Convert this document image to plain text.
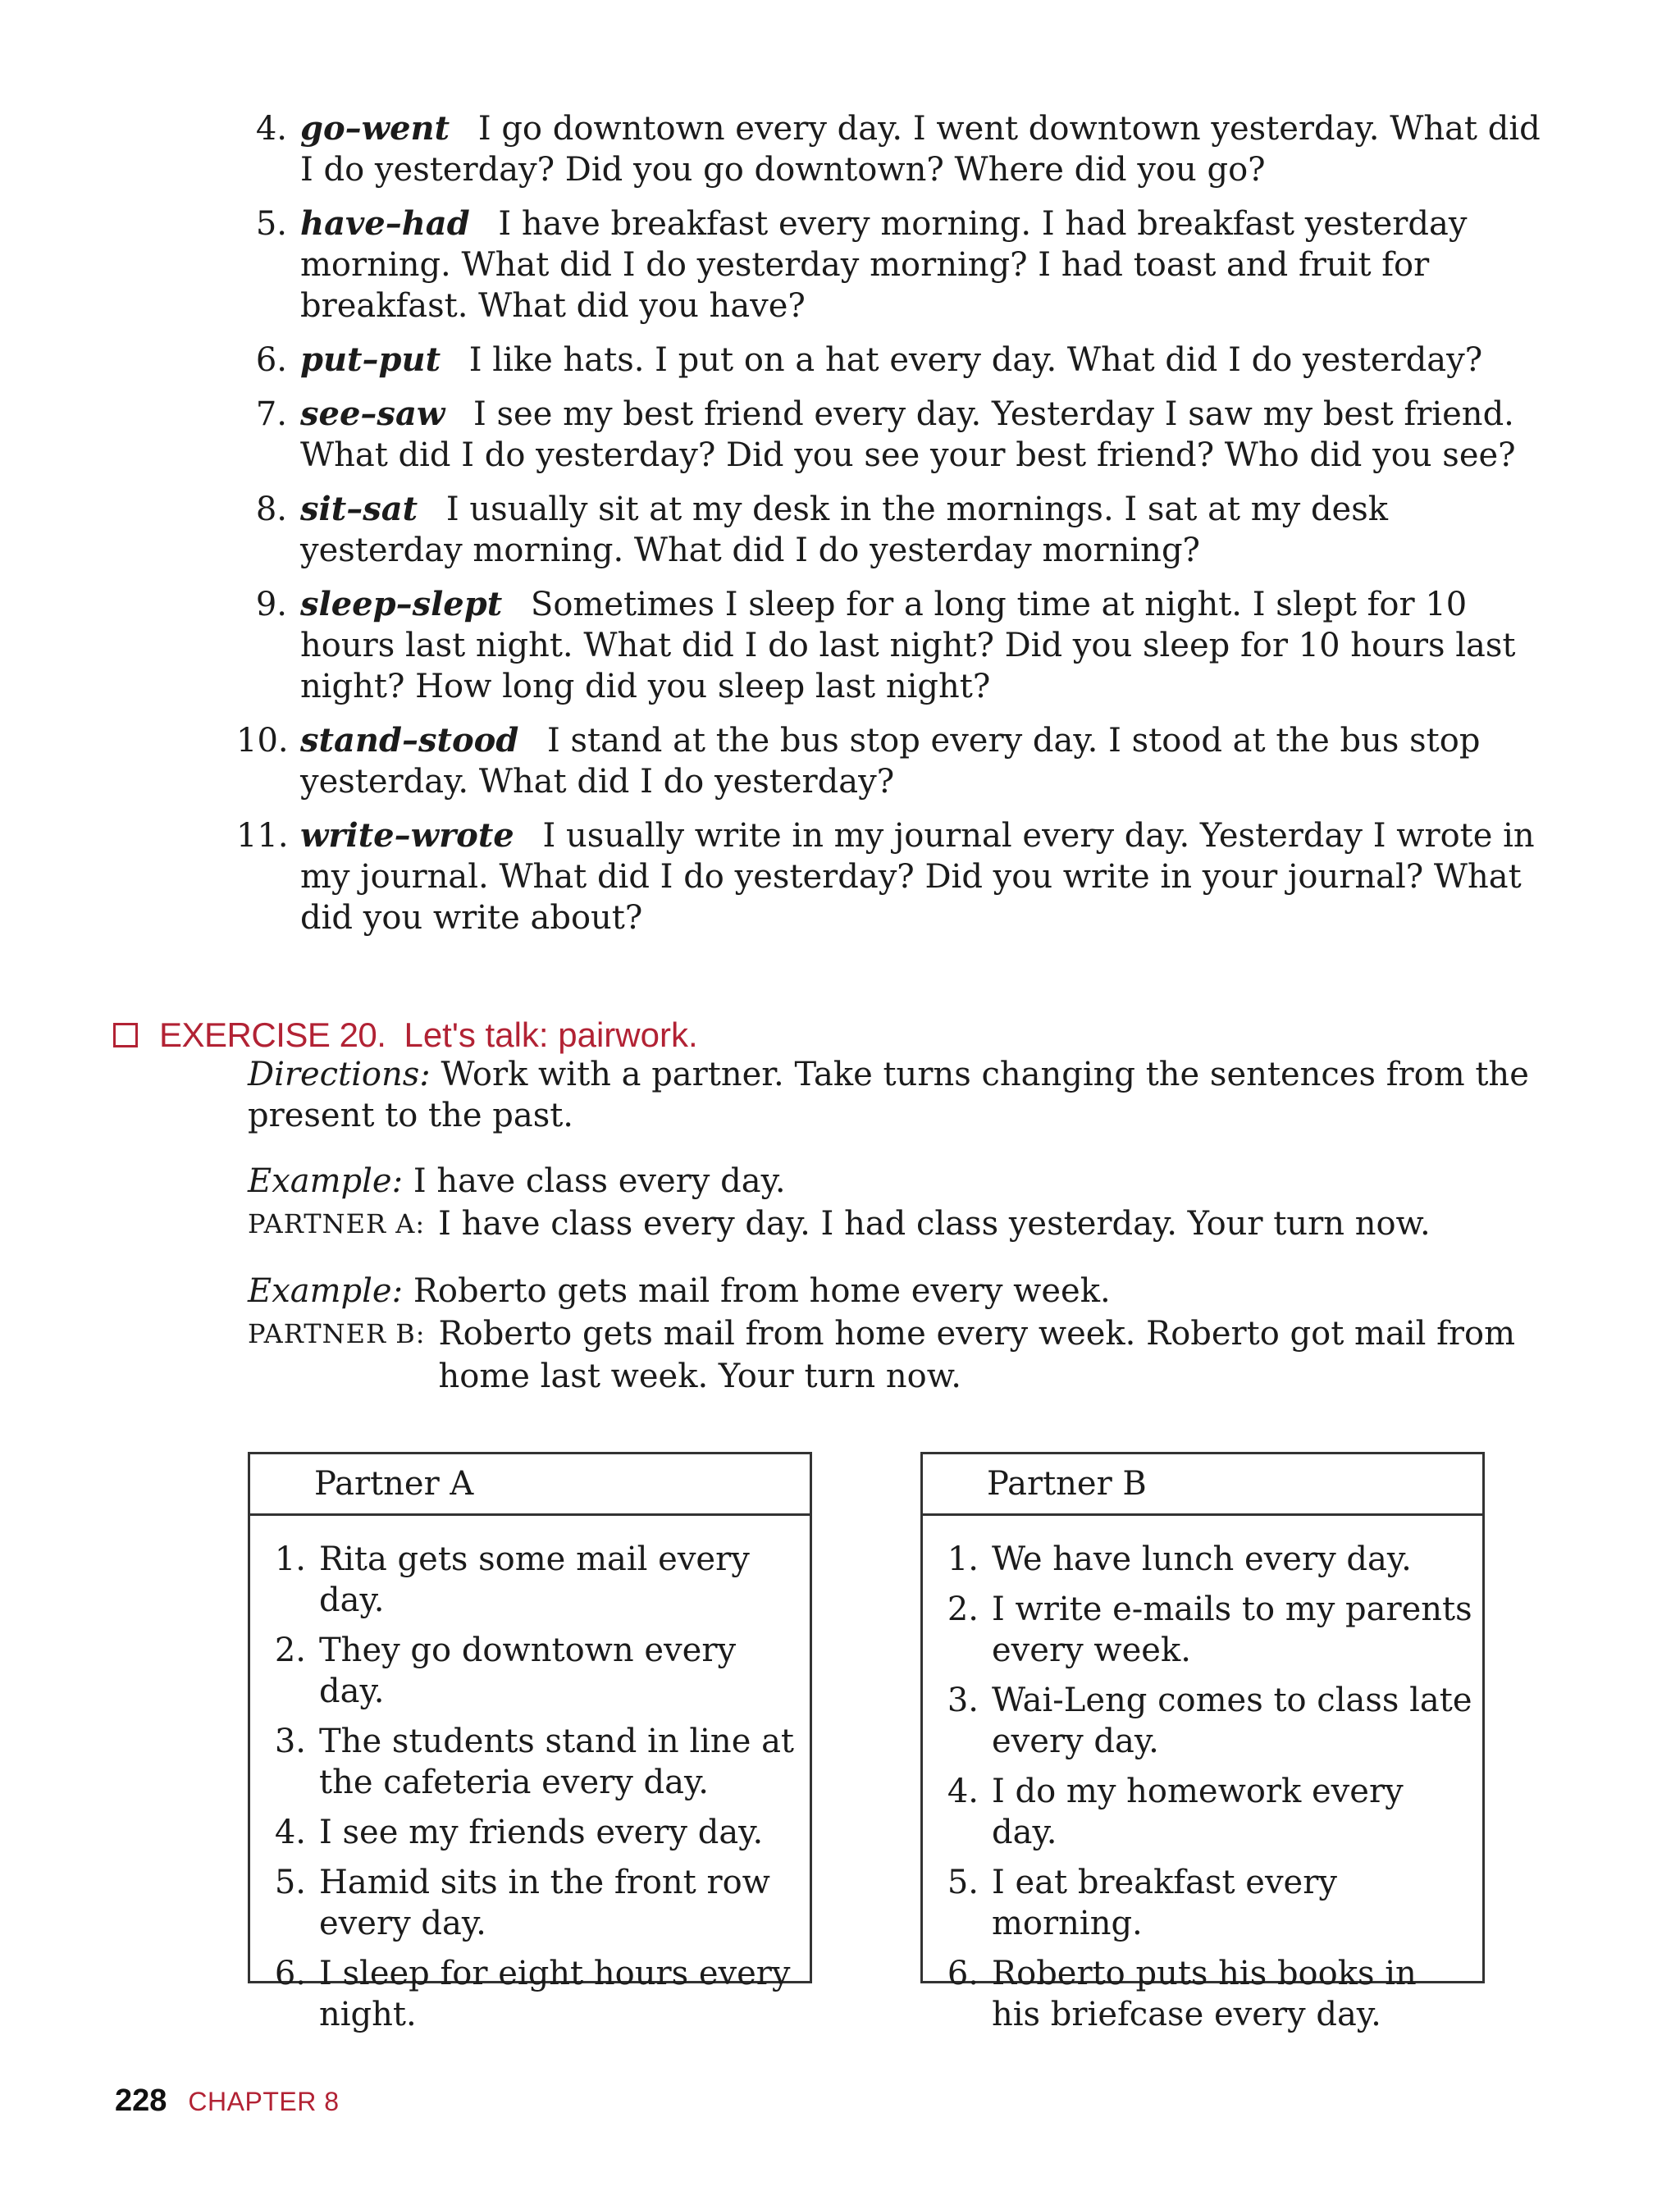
4. go–went I go downtown every day. I went downtown yesterday. What did I do yesterday? Did you go downtown? Where did you go?
5. have–had I have breakfast every morning. I had breakfast yesterday morning. What did I do yesterday morning? I had toast and fruit for breakfast. What did you have?
6. put–put I like hats. I put on a hat every day. What did I do yesterday?
7. see–saw I see my best friend every day. Yesterday I saw my best friend. What did I do yesterday? Did you see your best friend? Who did you see?
8. sit–sat I usually sit at my desk in the mornings. I sat at my desk yesterday morning. What did I do yesterday morning?
9. sleep–slept Sometimes I sleep for a long time at night. I slept for 10 hours last night. What did I do last night? Did you sleep for 10 hours last night? How long did you sleep last night?
10. stand–stood I stand at the bus stop every day. I stood at the bus stop yesterday. What did I do yesterday?
11. write–wrote I usually write in my journal every day. Yesterday I wrote in my journal. What did I do yesterday? Did you write in your journal? What did you write about?
EXERCISE 20. Let's talk: pairwork.
Directions: Work with a partner. Take turns changing the sentences from the present to the past.
Example: I have class every day.
PARTNER A: I have class every day. I had class yesterday. Your turn now.
Example: Roberto gets mail from home every week.
PARTNER B: Roberto gets mail from home every week. Roberto got mail from home last week. Your turn now.
Partner A
1. Rita gets some mail every day.
2. They go downtown every day.
3. The students stand in line at the cafeteria every day.
4. I see my friends every day.
5. Hamid sits in the front row every day.
6. I sleep for eight hours every night.
Partner B
1. We have lunch every day.
2. I write e-mails to my parents every week.
3. Wai-Leng comes to class late every day.
4. I do my homework every day.
5. I eat breakfast every morning.
6. Roberto puts his books in his briefcase every day.
228 CHAPTER 8
